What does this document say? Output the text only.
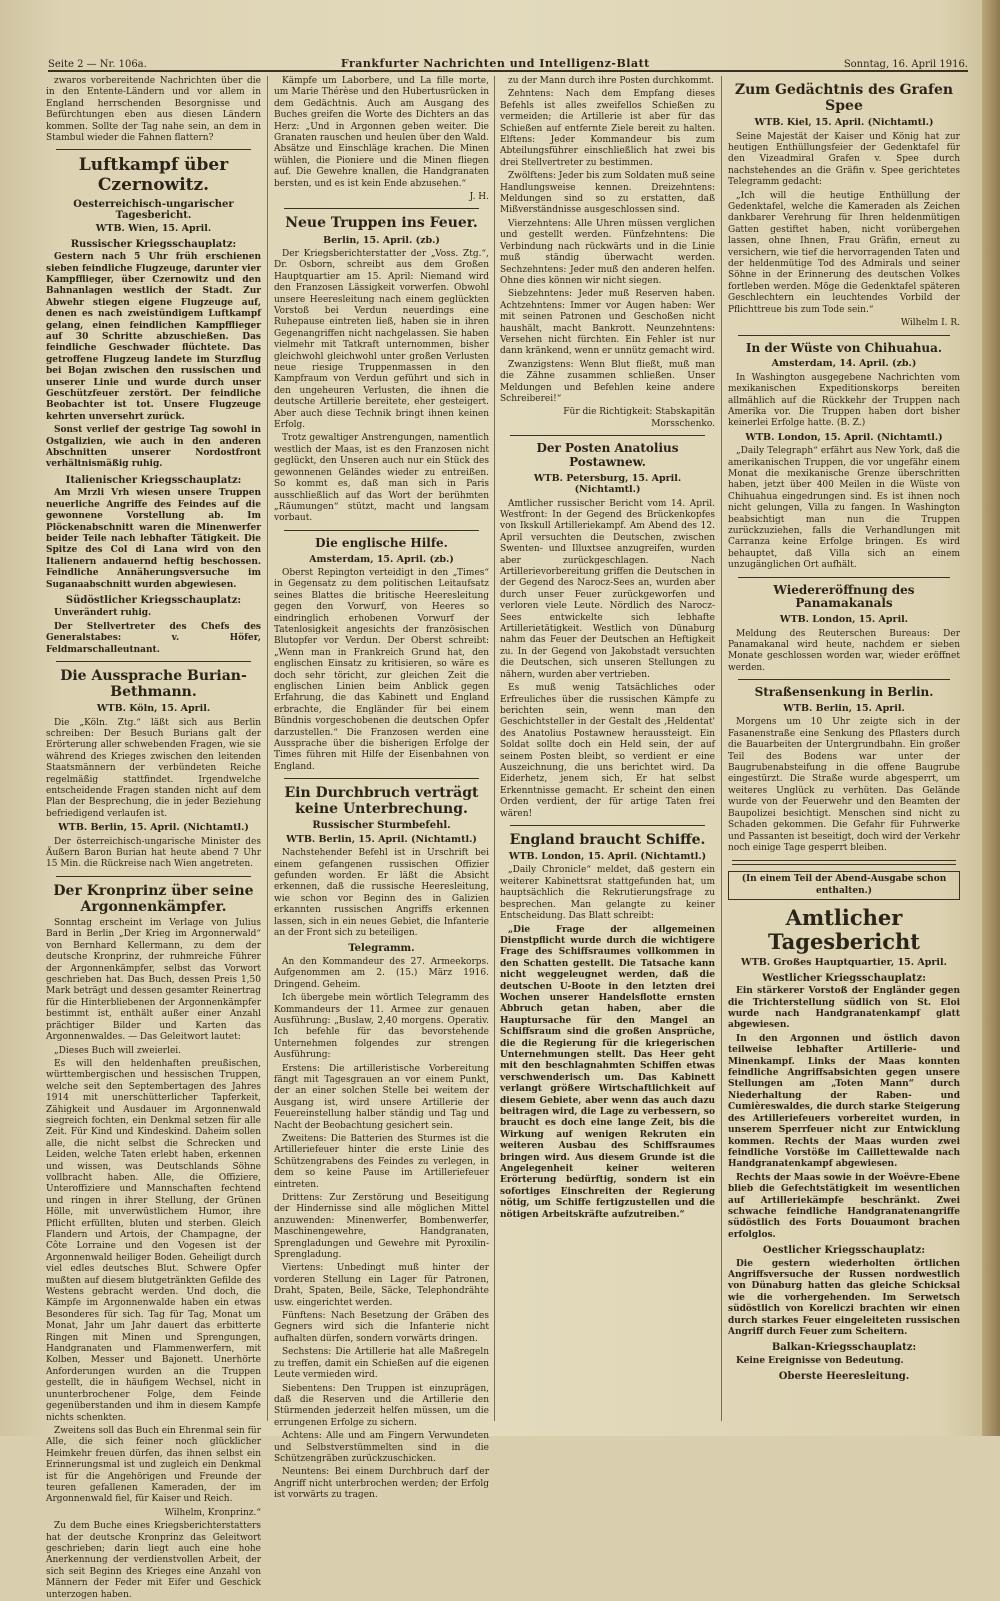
Seite 2 — Nr. 106a.	Frankfurter Nachrichten und Intelligenz-Blatt	Sonntag, 16. April 1916.

zwaros vorbereitende Nachrichten über die in den Entente-Ländern und vor allem in England herrschenden Besorgnisse und Befürchtungen eben aus diesen Ländern kommen. Sollte der Tag nahe sein, an dem in Stambul wieder die Fahnen flattern?

Luftkampf über Czernowitz.
Oesterreichisch-ungarischer Tagesbericht.
WTB. Wien, 15. April.
Russischer Kriegsschauplatz:

Gestern nach 5 Uhr früh erschienen sieben feindliche Flugzeuge, darunter vier Kampfflieger, über Czernowitz und den Bahnanlagen westlich der Stadt. Zur Abwehr stiegen eigene Flugzeuge auf, denen es nach zweistündigem Luftkampf gelang, einen feindlichen Kampfflieger auf 30 Schritte abzuschießen. Das feindliche Geschwader flüchtete. Das getroffene Flugzeug landete im Sturzflug bei Bojan zwischen den russischen und unserer Linie und wurde durch unser Geschützfeuer zerstört. Der feindliche Beobachter ist tot. Unsere Flugzeuge kehrten unversehrt zurück.

Sonst verlief der gestrige Tag sowohl in Ostgalizien, wie auch in den anderen Abschnitten unserer Nordostfront verhältnismäßig ruhig.

Italienischer Kriegsschauplatz:

Am Mrzli Vrh wiesen unsere Truppen neuerliche Angriffe des Feindes auf die gewonnene Vorstellung ab. Im Plöckenabschnitt waren die Minenwerfer beider Teile nach lebhafter Tätigkeit. Die Spitze des Col di Lana wird von den Italienern andauernd heftig beschossen. Feindliche Annäherungsversuche im Suganaabschnitt wurden abgewiesen.

Südöstlicher Kriegsschauplatz:

Unverändert ruhig.

Der Stellvertreter des Chefs des Generalstabes: v. Höfer, Feldmarschalleutnant.

Die Aussprache Burian-Bethmann.
WTB. Köln, 15. April.

Die „Köln. Ztg.“ läßt sich aus Berlin schreiben: Der Besuch Burians galt der Erörterung aller schwebenden Fragen, wie sie während des Krieges zwischen den leitenden Staatsmännern der verbündeten Reiche regelmäßig stattfindet. Irgendwelche entscheidende Fragen standen nicht auf dem Plan der Besprechung, die in jeder Beziehung befriedigend verlaufen ist.

WTB. Berlin, 15. April. (Nichtamtl.)

Der österreichisch-ungarische Minister des Äußern Baron Burian hat heute abend 7 Uhr 15 Min. die Rückreise nach Wien angetreten.

Der Kronprinz über seine Argonnenkämpfer.

Sonntag erscheint im Verlage von Julius Bard in Berlin „Der Krieg im Argonnerwald“ von Bernhard Kellermann, zu dem der deutsche Kronprinz, der ruhmreiche Führer der Argonnenkämpfer, selbst das Vorwort geschrieben hat. Das Buch, dessen Preis 1,50 Mark beträgt und dessen gesamter Reinertrag für die Hinterbliebenen der Argonnenkämpfer bestimmt ist, enthält außer einer Anzahl prächtiger Bilder und Karten das Argonnenwaldes. — Das Geleitwort lautet:

„Dieses Buch will zweierlei.

Es will den heldenhaften preußischen, württembergischen und hessischen Truppen, welche seit den Septembertagen des Jahres 1914 mit unerschütterlicher Tapferkeit, Zähigkeit und Ausdauer im Argonnenwald siegreich fochten, ein Denkmal setzen für alle Zeit. Für Kind und Kindeskind. Daheim sollen alle, die nicht selbst die Schrecken und Leiden, welche Taten erlebt haben, erkennen und wissen, was Deutschlands Söhne vollbracht haben. Alle, die Offiziere, Unteroffiziere und Mannschaften fechtend und ringen in ihrer Stellung, der Grünen Hölle, mit unverwüstlichem Humor, ihre Pflicht erfüllten, bluten und sterben. Gleich Flandern und Artois, der Champagne, der Côte Lorraine und den Vogesen ist der Argonnenwald heiliger Boden. Geheiligt durch viel edles deutsches Blut. Schwere Opfer mußten auf diesem blutgetränkten Gefilde des Westens gebracht werden. Und doch, die Kämpfe im Argonnenwalde haben ein etwas Besonderes für sich. Tag für Tag, Monat um Monat, Jahr um Jahr dauert das erbitterte Ringen mit Minen und Sprengungen, Handgranaten und Flammenwerfern, mit Kolben, Messer und Bajonett. Unerhörte Anforderungen wurden an die Truppen gestellt, die in häufigem Wechsel, nicht in ununterbrochener Folge, dem Feinde gegenüberstanden und ihm in diesem Kampfe nichts schenkten.

Zweitens soll das Buch ein Ehrenmal sein für Alle, die sich feiner noch glücklicher Heimkehr freuen dürfen, das ihnen selbst ein Erinnerungsmal ist und zugleich ein Denkmal ist für die Angehörigen und Freunde der teuren gefallenen Kameraden, der im Argonnenwald fiel, für Kaiser und Reich.

Wilhelm, Kronprinz.“

Zu dem Buche eines Kriegsberichterstatters hat der deutsche Kronprinz das Geleitwort geschrieben; darin liegt auch eine hohe Anerkennung der verdienstvollen Arbeit, der sich seit Beginn des Krieges eine Anzahl von Männern der Feder mit Eifer und Geschick unterzogen haben.

Kämpfe um Laborbere, und La fille morte, um Marie Thérèse und den Hubertusrücken in dem Gedächtnis. Auch am Ausgang des Buches greifen die Worte des Dichters an das Herz: „Und in Argonnen geben weiter. Die Granaten rauschen und heulen über den Wald. Absätze und Einschläge krachen. Die Minen wühlen, die Pioniere und die Minen fliegen auf. Die Gewehre knallen, die Handgranaten bersten, und es ist kein Ende abzusehen.“

J. H.
Neue Truppen ins Feuer.
Berlin, 15. April. (zb.)

Der Kriegsberichterstatter der „Voss. Ztg.“, Dr. Osborn, schreibt aus dem Großen Hauptquartier am 15. April: Niemand wird den Franzosen Lässigkeit vorwerfen. Obwohl unsere Heeresleitung nach einem geglückten Vorstoß bei Verdun neuerdings eine Ruhepause eintreten ließ, haben sie in ihren Gegenangriffen nicht nachgelassen. Sie haben vielmehr mit Tatkraft unternommen, bisher gleichwohl gleichwohl unter großen Verlusten neue riesige Truppenmassen in den Kampfraum von Verdun geführt und sich in den ungeheuren Verlusten, die ihnen die deutsche Artillerie bereitete, eher gesteigert. Aber auch diese Technik bringt ihnen keinen Erfolg.

Trotz gewaltiger Anstrengungen, namentlich westlich der Maas, ist es den Franzosen nicht geglückt, den Unseren auch nur ein Stück des gewonnenen Geländes wieder zu entreißen. So kommt es, daß man sich in Paris ausschließlich auf das Wort der berühmten „Räumungen“ stützt, macht und langsam vorbaut.

Die englische Hilfe.
Amsterdam, 15. April. (zb.)

Oberst Repington verteidigt in den „Times“ in Gegensatz zu dem politischen Leitaufsatz seines Blattes die britische Heeresleitung gegen den Vorwurf, von Heeres so eindringlich erhobenen Vorwurf der Tatenlosigkeit angesichts der französischen Blutopfer vor Verdun. Der Oberst schreibt: „Wenn man in Frankreich Grund hat, den englischen Einsatz zu kritisieren, so wäre es doch sehr töricht, zur gleichen Zeit die englischen Linien beim Anblick gegen Erfahrung, die das Kabinett und England erbrachte, die Engländer für bei einem Bündnis vorgeschobenen die deutschen Opfer darzustellen.“ Die Franzosen werden eine Aussprache über die bisherigen Erfolge der Times führen mit Hilfe der Eisenbahnen von England.

Ein Durchbruch verträgt keine Unterbrechung.
Russischer Sturmbefehl.
WTB. Berlin, 15. April. (Nichtamtl.)

Nachstehender Befehl ist in Urschrift bei einem gefangenen russischen Offizier gefunden worden. Er läßt die Absicht erkennen, daß die russische Heeresleitung, wie schon vor Beginn des in Galizien erkannten russischen Angriffs erkennen lassen, sich in ein neues Gebiet, die Infanterie an der Front sich zu beteiligen.

Telegramm.

An den Kommandeur des 27. Armeekorps. Aufgenommen am 2. (15.) März 1916. Dringend. Geheim.

Ich übergebe mein wörtlich Telegramm des Kommandeurs der 11. Armee zur genauen Ausführung: „Buslaw, 2,40 morgens. Operativ. Ich befehle für das bevorstehende Unternehmen folgendes zur strengen Ausführung:

Erstens: Die artilleristische Vorbereitung fängt mit Tagesgrauen an vor einem Punkt, der an einer solchen Stelle bei weitem der Ausgang ist, wird unsere Artillerie der Feuereinstellung halber ständig und Tag und Nacht der Beobachtung gesichert sein.

Zweitens: Die Batterien des Sturmes ist die Artilleriefeuer hinter die erste Linie des Schützengrabens des Feindes zu verlegen, in dem so keine Pause im Artilleriefeuer eintreten.

Drittens: Zur Zerstörung und Beseitigung der Hindernisse sind alle möglichen Mittel anzuwenden: Minenwerfer, Bombenwerfer, Maschinengewehre, Handgranaten, Sprengladungen und Gewehre mit Pyroxilin-Sprengladung.

Viertens: Unbedingt muß hinter der vorderen Stellung ein Lager für Patronen, Draht, Spaten, Beile, Säcke, Telephondrähte usw. eingerichtet werden.

Fünftens: Nach Besetzung der Gräben des Gegners wird sich die Infanterie nicht aufhalten dürfen, sondern vorwärts dringen.

Sechstens: Die Artillerie hat alle Maßregeln zu treffen, damit ein Schießen auf die eigenen Leute vermieden wird.

Siebentens: Den Truppen ist einzuprägen, daß die Reserven und die Artillerie den Stürmenden jederzeit helfen müssen, um die errungenen Erfolge zu sichern.

Achtens: Alle und am Fingern Verwundeten und Selbstverstümmelten sind in die Schützengräben zurückzuschicken.

Neuntens: Bei einem Durchbruch darf der Angriff nicht unterbrochen werden; der Erfolg ist vorwärts zu tragen.

zu der Mann durch ihre Posten durchkommt.

Zehntens: Nach dem Empfang dieses Befehls ist alles zweifellos Schießen zu vermeiden; die Artillerie ist aber für das Schießen auf entfernte Ziele bereit zu halten. Elftens: Jeder Kommandeur bis zum Abteilungsführer einschließlich hat zwei bis drei Stellvertreter zu bestimmen.

Zwölftens: Jeder bis zum Soldaten muß seine Handlungsweise kennen. Dreizehntens: Meldungen sind so zu erstatten, daß Mißverständnisse ausgeschlossen sind.

Vierzehntens: Alle Uhren müssen verglichen und gestellt werden. Fünfzehntens: Die Verbindung nach rückwärts und in die Linie muß ständig überwacht werden. Sechzehntens: Jeder muß den anderen helfen. Ohne dies können wir nicht siegen.

Siebzehntens: Jeder muß Reserven haben. Achtzehntens: Immer vor Augen haben: Wer mit seinen Patronen und Geschoßen nicht haushält, macht Bankrott. Neunzehntens: Versehen nicht fürchten. Ein Fehler ist nur dann kränkend, wenn er unnütz gemacht wird.

Zwanzigstens: Wenn Blut fließt, muß man die Zähne zusammen schließen. Unser Meldungen und Befehlen keine andere Schreiberei!“

Für die Richtigkeit: Stabskapitän Morsschenko.
Der Posten Anatolius Postawnew.
WTB. Petersburg, 15. April. (Nichtamtl.)

Amtlicher russischer Bericht vom 14. April. Westfront: In der Gegend des Brückenkopfes von Ikskull Artilleriekampf. Am Abend des 12. April versuchten die Deutschen, zwischen Swenten- und Illuxtsee anzugreifen, wurden aber zurückgeschlagen. Nach Artillerievorbereitung griffen die Deutschen in der Gegend des Narocz-Sees an, wurden aber durch unser Feuer zurückgeworfen und verloren viele Leute. Nördlich des Narocz-Sees entwickelte sich lebhafte Artillerietätigkeit. Westlich von Dünaburg nahm das Feuer der Deutschen an Heftigkeit zu. In der Gegend von Jakobstadt versuchten die Deutschen, sich unseren Stellungen zu nähern, wurden aber vertrieben.

Es muß wenig Tatsächliches oder Erfreuliches über die russischen Kämpfe zu berichten sein, wenn man den Geschichtsteller in der Gestalt des ,Heldentat' des Anatolius Postawnew heraussteigt. Ein Soldat sollte doch ein Held sein, der auf seinem Posten bleibt, so verdient er eine Auszeichnung, die uns berichtet wird. Da Eiderhetz, jenem sich, Er hat selbst Erkenntnisse gemacht. Er scheint den einen Orden verdient, der für artige Taten frei wären!

England braucht Schiffe.
WTB. London, 15. April. (Nichtamtl.)

„Daily Chronicle“ meldet, daß gestern ein weiterer Kabinettsrat stattgefunden hat, um hauptsächlich die Rekrutierungsfrage zu besprechen. Man gelangte zu keiner Entscheidung. Das Blatt schreibt:

„Die Frage der allgemeinen Dienstpflicht wurde durch die wichtigere Frage des Schiffsraumes vollkommen in den Schatten gestellt. Die Tatsache kann nicht weggeleugnet werden, daß die deutschen U-Boote in den letzten drei Wochen unserer Handelsflotte ernsten Abbruch getan haben, aber die Hauptursache für den Mangel an Schiffsraum sind die großen Ansprüche, die die Regierung für die kriegerischen Unternehmungen stellt. Das Heer geht mit den beschlagnahmten Schiffen etwas verschwenderisch um. Das Kabinett verlangt größere Wirtschaftlichkeit auf diesem Gebiete, aber wenn das auch dazu beitragen wird, die Lage zu verbessern, so braucht es doch eine lange Zeit, bis die Wirkung auf wenigen Rekruten ein weiteren Ausbau des Schiffsraumes bringen wird. Aus diesem Grunde ist die Angelegenheit keiner weiteren Erörterung bedürftig, sondern ist ein sofortiges Einschreiten der Regierung nötig, um Schiffe fertigzustellen und die nötigen Arbeitskräfte aufzutreiben.“

Zum Gedächtnis des Grafen Spee
WTB. Kiel, 15. April. (Nichtamtl.)

Seine Majestät der Kaiser und König hat zur heutigen Enthüllungsfeier der Gedenktafel für den Vizeadmiral Grafen v. Spee durch nachstehendes an die Gräfin v. Spee gerichtetes Telegramm gedacht:

„Ich will die heutige Enthüllung der Gedenktafel, welche die Kameraden als Zeichen dankbarer Verehrung für Ihren heldenmütigen Gatten gestiftet haben, nicht vorübergehen lassen, ohne Ihnen, Frau Gräfin, erneut zu versichern, wie tief die hervorragenden Taten und der heldenmütige Tod des Admirals und seiner Söhne in der Erinnerung des deutschen Volkes fortleben werden. Möge die Gedenktafel späteren Geschlechtern ein leuchtendes Vorbild der Pflichttreue bis zum Tode sein.“

Wilhelm I. R.
In der Wüste von Chihuahua.
Amsterdam, 14. April. (zb.)

In Washington ausgegebene Nachrichten vom mexikanischen Expeditionskorps bereiten allmählich auf die Rückkehr der Truppen nach Amerika vor. Die Truppen haben dort bisher keinerlei Erfolge hatte. (B. Z.)

WTB. London, 15. April. (Nichtamtl.)

„Daily Telegraph“ erfährt aus New York, daß die amerikanischen Truppen, die vor ungefähr einem Monat die mexikanische Grenze überschritten haben, jetzt über 400 Meilen in die Wüste von Chihuahua eingedrungen sind. Es ist ihnen noch nicht gelungen, Villa zu fangen. In Washington beabsichtigt man nun die Truppen zurückzuziehen, falls die Verhandlungen mit Carranza keine Erfolge bringen. Es wird behauptet, daß Villa sich an einem unzugänglichen Ort aufhält.

Wiedereröffnung des Panamakanals
WTB. London, 15. April.

Meldung des Reuterschen Bureaus: Der Panamakanal wird heute, nachdem er sieben Monate geschlossen worden war, wieder eröffnet werden.

Straßensenkung in Berlin.
WTB. Berlin, 15. April.

Morgens um 10 Uhr zeigte sich in der Fasanenstraße eine Senkung des Pflasters durch die Bauarbeiten der Untergrundbahn. Ein großer Teil des Bodens war unter der Baugrubenabsteifung in die offene Baugrube eingestürzt. Die Straße wurde abgesperrt, um weiteres Unglück zu verhüten. Das Gelände wurde von der Feuerwehr und den Beamten der Baupolizei besichtigt. Menschen sind nicht zu Schaden gekommen. Die Gefahr für Fuhrwerke und Passanten ist beseitigt, doch wird der Verkehr noch einige Tage gesperrt bleiben.

(In einem Teil der Abend-Ausgabe schon enthalten.)
Amtlicher Tagesbericht
WTB. Großes Hauptquartier, 15. April.
Westlicher Kriegsschauplatz:

Ein stärkerer Vorstoß der Engländer gegen die Trichterstellung südlich von St. Eloi wurde nach Handgranatenkampf glatt abgewiesen.

In den Argonnen und östlich davon teilweise lebhafter Artillerie- und Minenkampf. Links der Maas konnten feindliche Angriffsabsichten gegen unsere Stellungen am „Toten Mann“ durch Niederhaltung der Raben- und Cumièreswaldes, die durch starke Steigerung des Artilleriefeuers vorbereitet wurden, in unserem Sperrfeuer nicht zur Entwicklung kommen. Rechts der Maas wurden zwei feindliche Vorstöße im Caillettewalde nach Handgranatenkampf abgewiesen.

Rechts der Maas sowie in der Woëvre-Ebene blieb die Gefechtstätigkeit im wesentlichen auf Artilleriekämpfe beschränkt. Zwei schwache feindliche Handgranatenangriffe südöstlich des Forts Douaumont brachen erfolglos.

Oestlicher Kriegsschauplatz:

Die gestern wiederholten örtlichen Angriffsversuche der Russen nordwestlich von Dünaburg hatten das gleiche Schicksal wie die vorhergehenden. Im Serwetsch südöstlich von Koreliczi brachten wir einen durch starkes Feuer eingeleiteten russischen Angriff durch Feuer zum Scheitern.

Balkan-Kriegsschauplatz:

Keine Ereignisse von Bedeutung.

Oberste Heeresleitung.
